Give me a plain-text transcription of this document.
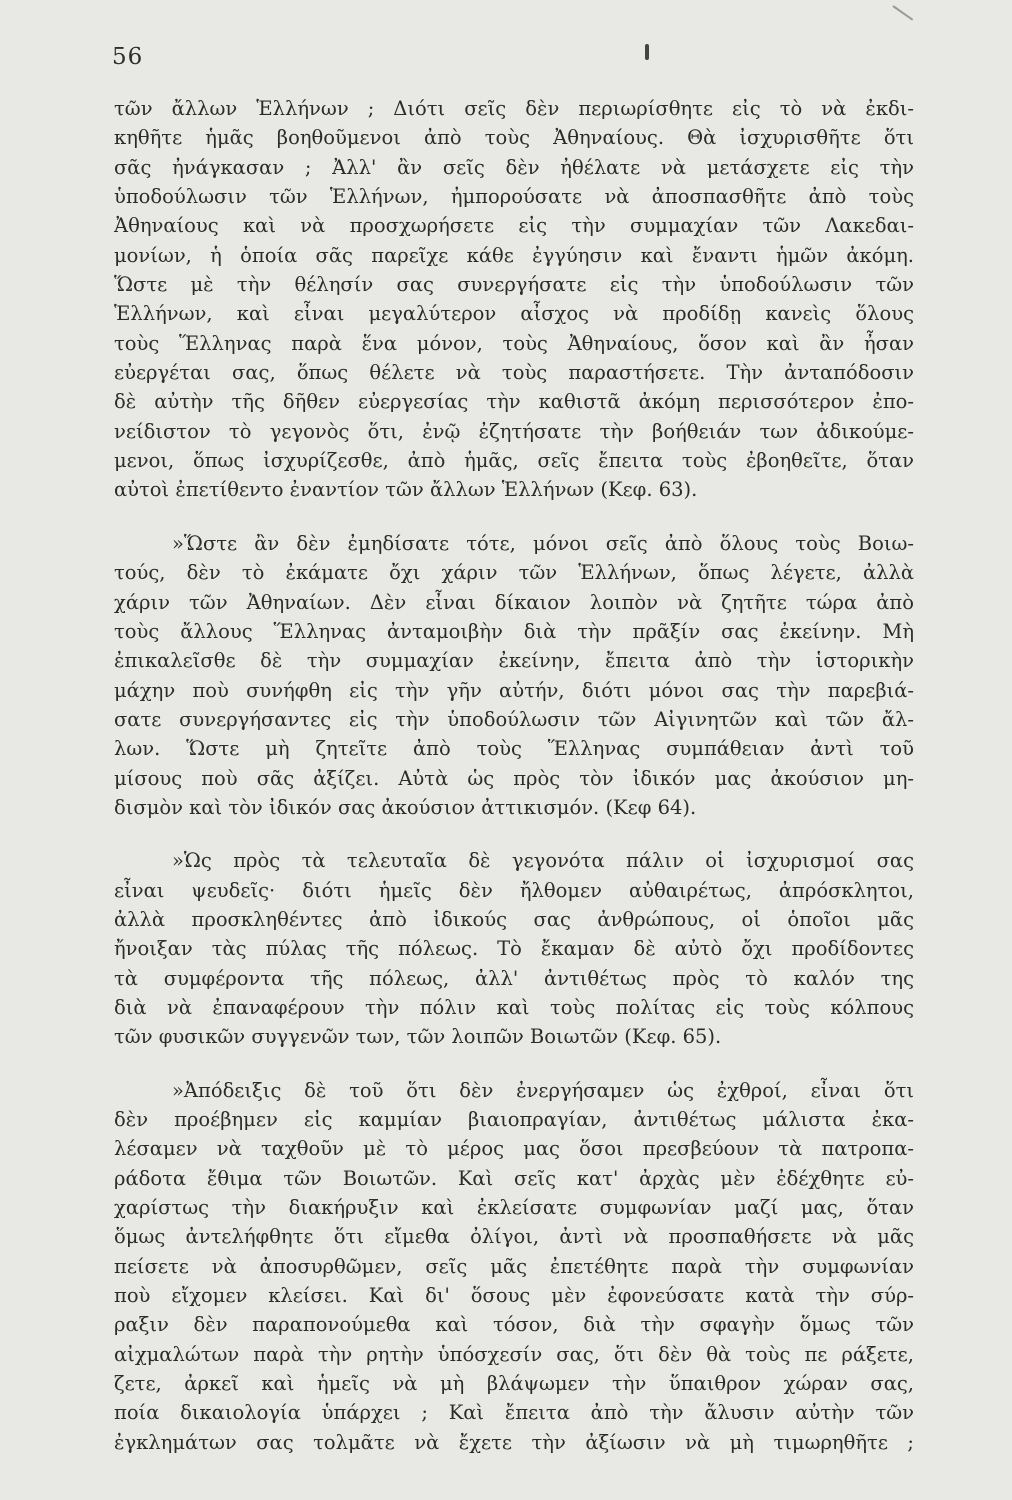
56

τῶν ἄλλων Ἑλλήνων ; Διότι σεῖς δὲν περιωρίσθητε εἰς τὸ νὰ ἐκδι-
κηθῆτε ἡμᾶς βοηθοῦμενοι ἀπὸ τοὺς Ἀθηναίους. Θὰ ἰσχυρισθῆτε ὅτι
σᾶς ἠνάγκασαν ; Ἀλλ' ἂν σεῖς δὲν ἠθέλατε νὰ μετάσχετε εἰς τὴν
ὑποδούλωσιν τῶν Ἑλλήνων, ἠμπορούσατε νὰ ἀποσπασθῆτε ἀπὸ τοὺς
Ἀθηναίους καὶ νὰ προσχωρήσετε εἰς τὴν συμμαχίαν τῶν Λακεδαι-
μονίων, ἡ ὁποία σᾶς παρεῖχε κάθε ἐγγύησιν καὶ ἔναντι ἡμῶν ἀκόμη.
Ὥστε μὲ τὴν θέλησίν σας συνεργήσατε εἰς τὴν ὑποδούλωσιν τῶν
Ἑλλήνων, καὶ εἶναι μεγαλύτερον αἶσχος νὰ προδίδῃ κανεὶς ὅλους
τοὺς Ἕλληνας παρὰ ἕνα μόνον, τοὺς Ἀθηναίους, ὅσον καὶ ἂν ἦσαν
εὐεργέται σας, ὅπως θέλετε νὰ τοὺς παραστήσετε. Τὴν ἀνταπόδοσιν
δὲ αὐτὴν τῆς δῆθεν εὐεργεσίας τὴν καθιστᾶ ἀκόμη περισσότερον ἐπο-
νείδιστον τὸ γεγονὸς ὅτι, ἐνῷ ἐζητήσατε τὴν βοήθειάν των ἀδικούμε-
μενοι, ὅπως ἰσχυρίζεσθε, ἀπὸ ἡμᾶς, σεῖς ἔπειτα τοὺς ἐβοηθεῖτε, ὅταν
αὐτοὶ ἐπετίθεντο ἐναντίον τῶν ἄλλων Ἑλλήνων (Κεφ. 63).

»Ὥστε ἂν δὲν ἐμηδίσατε τότε, μόνοι σεῖς ἀπὸ ὅλους τοὺς Βοιω-
τούς, δὲν τὸ ἐκάματε ὄχι χάριν τῶν Ἑλλήνων, ὅπως λέγετε, ἀλλὰ
χάριν τῶν Ἀθηναίων. Δὲν εἶναι δίκαιον λοιπὸν νὰ ζητῆτε τώρα ἀπὸ
τοὺς ἄλλους Ἕλληνας ἀνταμοιβὴν διὰ τὴν πρᾶξίν σας ἐκείνην. Μὴ
ἐπικαλεῖσθε δὲ τὴν συμμαχίαν ἐκείνην, ἔπειτα ἀπὸ τὴν ἱστορικὴν
μάχην ποὺ συνήφθη εἰς τὴν γῆν αὐτήν, διότι μόνοι σας τὴν παρεβιά-
σατε συνεργήσαντες εἰς τὴν ὑποδούλωσιν τῶν Αἰγινητῶν καὶ τῶν ἄλ-
λων. Ὥστε μὴ ζητεῖτε ἀπὸ τοὺς Ἕλληνας συμπάθειαν ἀντὶ τοῦ
μίσους ποὺ σᾶς ἀξίζει. Αὐτὰ ὡς πρὸς τὸν ἰδικόν μας ἀκούσιον μη-
δισμὸν καὶ τὸν ἰδικόν σας ἀκούσιον ἀττικισμόν. (Κεφ 64).

»Ὡς πρὸς τὰ τελευταῖα δὲ γεγονότα πάλιν οἱ ἰσχυρισμοί σας
εἶναι ψευδεῖς· διότι ἡμεῖς δὲν ἤλθομεν αὐθαιρέτως, ἀπρόσκλητοι,
ἀλλὰ προσκληθέντες ἀπὸ ἰδικούς σας ἀνθρώπους, οἱ ὁποῖοι μᾶς
ἤνοιξαν τὰς πύλας τῆς πόλεως. Τὸ ἔκαμαν δὲ αὐτὸ ὄχι προδίδοντες
τὰ συμφέροντα τῆς πόλεως, ἀλλ' ἀντιθέτως πρὸς τὸ καλόν της
διὰ νὰ ἐπαναφέρουν τὴν πόλιν καὶ τοὺς πολίτας εἰς τοὺς κόλπους
τῶν φυσικῶν συγγενῶν των, τῶν λοιπῶν Βοιωτῶν (Κεφ. 65).

»Ἀπόδειξις δὲ τοῦ ὅτι δὲν ἐνεργήσαμεν ὡς ἐχθροί, εἶναι ὅτι
δὲν προέβημεν εἰς καμμίαν βιαιοπραγίαν, ἀντιθέτως μάλιστα ἐκα-
λέσαμεν νὰ ταχθοῦν μὲ τὸ μέρος μας ὅσοι πρεσβεύουν τὰ πατροπα-
ράδοτα ἔθιμα τῶν Βοιωτῶν. Καὶ σεῖς κατ' ἀρχὰς μὲν ἐδέχθητε εὐ-
χαρίστως τὴν διακήρυξιν καὶ ἐκλείσατε συμφωνίαν μαζί μας, ὅταν
ὅμως ἀντελήφθητε ὅτι εἴμεθα ὀλίγοι, ἀντὶ νὰ προσπαθήσετε νὰ μᾶς
πείσετε νὰ ἀποσυρθῶμεν, σεῖς μᾶς ἐπετέθητε παρὰ τὴν συμφωνίαν
ποὺ εἴχομεν κλείσει. Καὶ δι' ὅσους μὲν ἐφονεύσατε κατὰ τὴν σύρ-
ραξιν δὲν παραπονούμεθα καὶ τόσον, διὰ τὴν σφαγὴν ὅμως τῶν
αἰχμαλώτων παρὰ τὴν ρητὴν ὑπόσχεσίν σας, ὅτι δὲν θὰ τοὺς πε ράξετε,
ζετε, ἀρκεῖ καὶ ἡμεῖς νὰ μὴ βλάψωμεν τὴν ὕπαιθρον χώραν σας,
ποία δικαιολογία ὑπάρχει ; Καὶ ἔπειτα ἀπὸ τὴν ἄλυσιν αὐτὴν τῶν
ἐγκλημάτων σας τολμᾶτε νὰ ἔχετε τὴν ἀξίωσιν νὰ μὴ τιμωρηθῆτε ;
